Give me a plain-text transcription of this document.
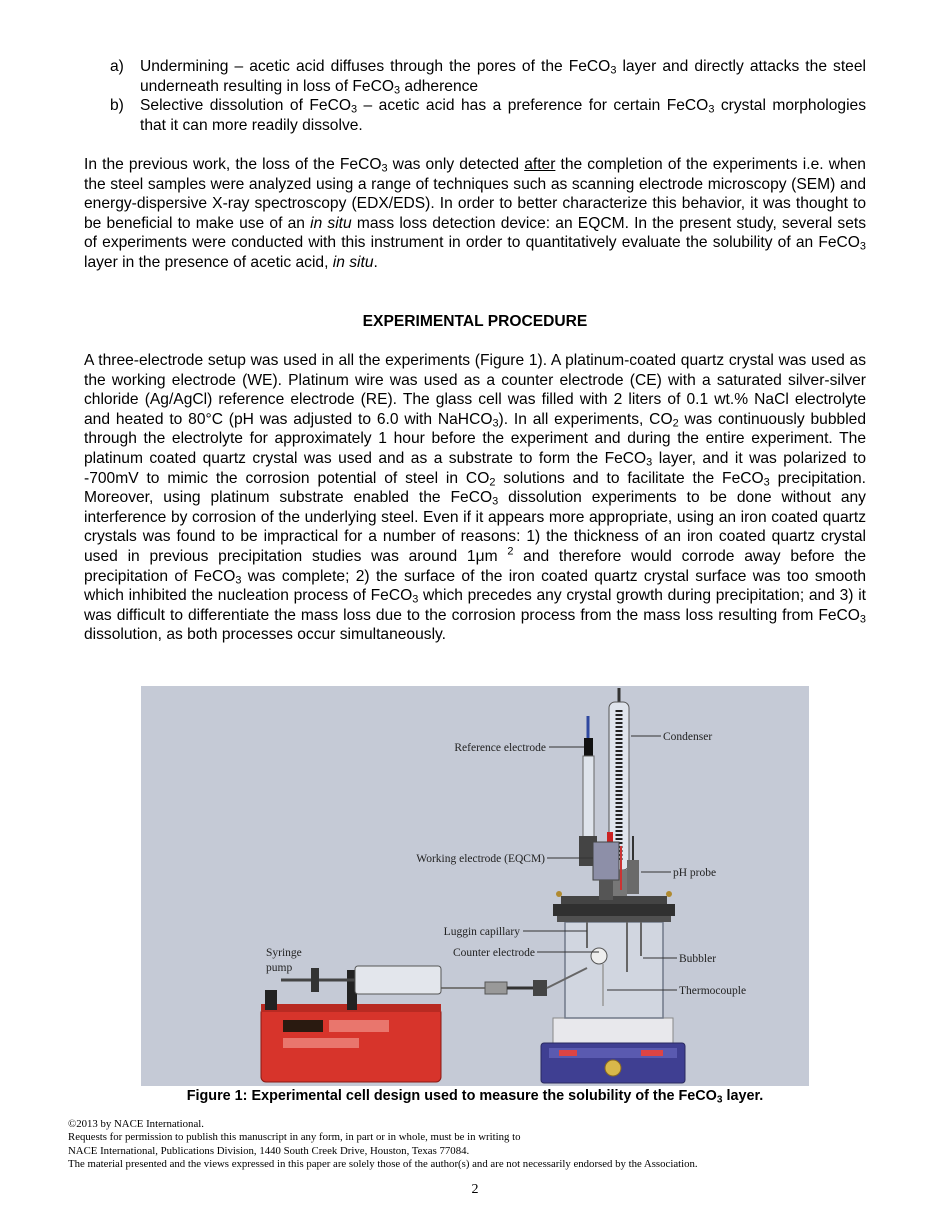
a) Undermining – acetic acid diffuses through the pores of the FeCO$_3$ layer and directly attacks the steel underneath resulting in loss of FeCO$_3$ adherence
b) Selective dissolution of FeCO$_3$ – acetic acid has a preference for certain FeCO$_3$ crystal morphologies that it can more readily dissolve.

In the previous work, the loss of the FeCO$_3$ was only detected after the completion of the experiments i.e. when the steel samples were analyzed using a range of techniques such as scanning electrode microscopy (SEM) and energy-dispersive X-ray spectroscopy (EDX/EDS). In order to better characterize this behavior, it was thought to be beneficial to make use of an in situ mass loss detection device: an EQCM. In the present study, several sets of experiments were conducted with this instrument in order to quantitatively evaluate the solubility of an FeCO$_3$ layer in the presence of acetic acid, in situ.

EXPERIMENTAL PROCEDURE

A three-electrode setup was used in all the experiments (Figure 1). A platinum-coated quartz crystal was used as the working electrode (WE). Platinum wire was used as a counter electrode (CE) with a saturated silver-silver chloride (Ag/AgCl) reference electrode (RE). The glass cell was filled with 2 liters of 0.1 wt.% NaCl electrolyte and heated to 80°C (pH was adjusted to 6.0 with NaHCO$_3$). In all experiments, $CO_2$ was continuously bubbled through the electrolyte for approximately 1 hour before the experiment and during the entire experiment. The platinum coated quartz crystal was used and as a substrate to form the FeCO$_3$ layer, and it was polarized to -700mV to mimic the corrosion potential of steel in $CO_2$ solutions and to facilitate the FeCO$_3$ precipitation. Moreover, using platinum substrate enabled the FeCO$_3$ dissolution experiments to be done without any interference by corrosion of the underlying steel. Even if it appears more appropriate, using an iron coated quartz crystals was found to be impractical for a number of reasons: 1) the thickness of an iron coated quartz crystal used in previous precipitation studies was around 1μm $^2$ and therefore would corrode away before the precipitation of FeCO$_3$ was complete; 2) the surface of the iron coated quartz crystal surface was too smooth which inhibited the nucleation process of FeCO$_3$ which precedes any crystal growth during precipitation; and 3) it was difficult to differentiate the mass loss due to the corrosion process from the mass loss resulting from FeCO$_3$ dissolution, as both processes occur simultaneously.

Reference electrode
Condenser
Working electrode (EQCM)
pH probe
Luggin capillary
Counter electrode
Syringe
pump
Bubbler
Thermocouple

Figure 1: Experimental cell design used to measure the solubility of the FeCO$_3$ layer.

©2013 by NACE International.
Requests for permission to publish this manuscript in any form, in part or in whole, must be in writing to
NACE International, Publications Division, 1440 South Creek Drive, Houston, Texas 77084.
The material presented and the views expressed in this paper are solely those of the author(s) and are not necessarily endorsed by the Association.
2
